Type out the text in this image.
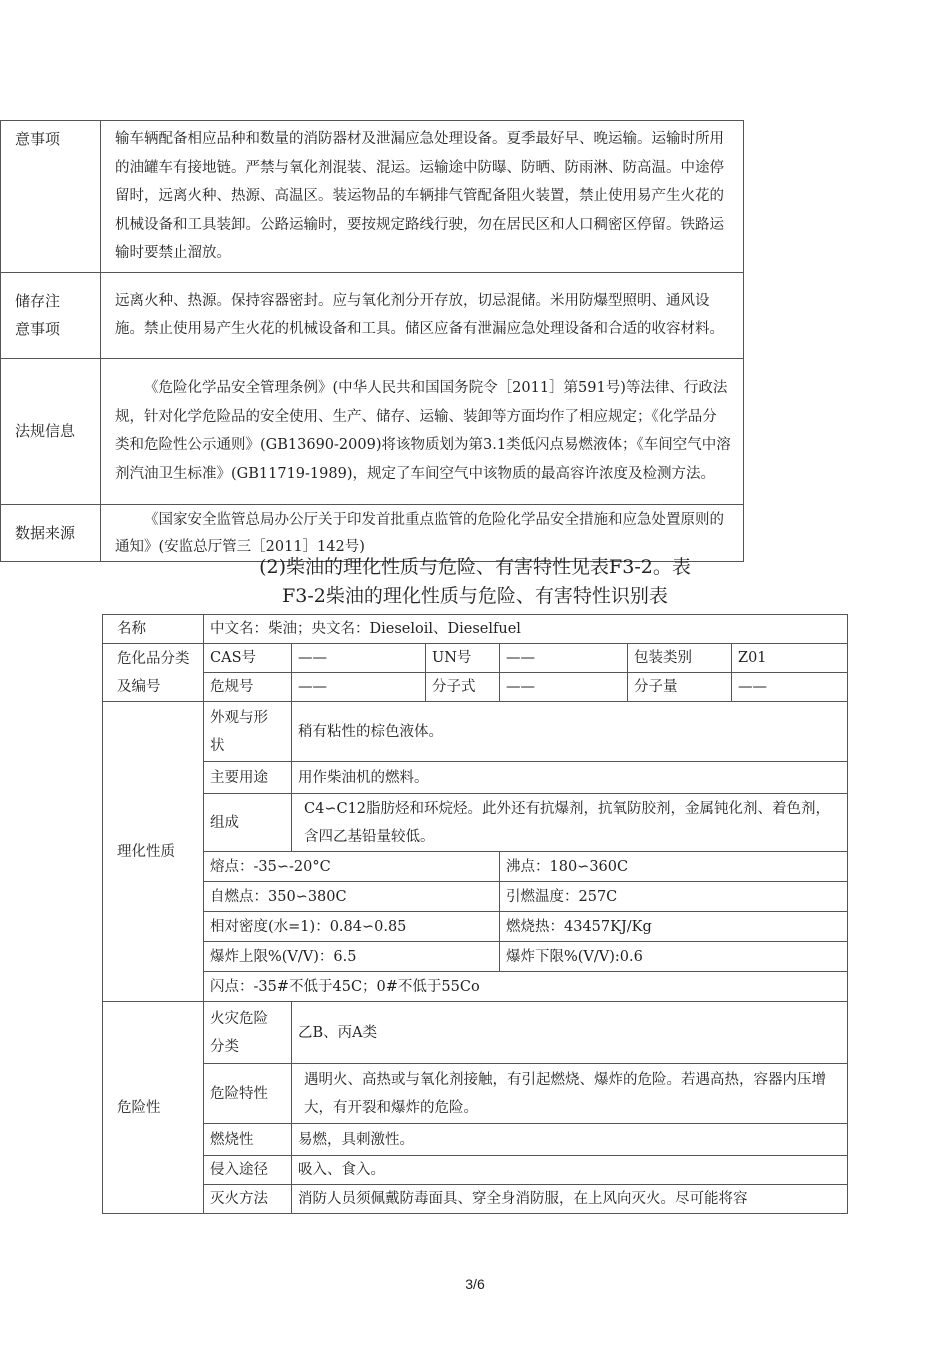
意事项	输车辆配备相应品种和数量的消防器材及泄漏应急处理设备。夏季最好早、晚运输。运输时所用的油罐车有接地链。严禁与氧化剂混装、混运。运输途中防曝、防晒、防雨淋、防高温。中途停留时，远离火种、热源、高温区。装运物品的车辆排气管配备阻火装置，禁止使用易产生火花的机械设备和工具装卸。公路运输时，要按规定路线行驶，勿在居民区和人口稠密区停留。铁路运输时要禁止溜放。
储存注意事项	远离火种、热源。保持容器密封。应与氧化剂分开存放，切忌混储。米用防爆型照明、通风设施。禁止使用易产生火花的机械设备和工具。储区应备有泄漏应急处理设备和合适的收容材料。
法规信息	《危险化学品安全管理条例》(中华人民共和国国务院令［2011］第591号)等法律、行政法规，针对化学危险品的安全使用、生产、储存、运输、装卸等方面均作了相应规定；《化学品分类和危险性公示通则》(GB13690-2009)将该物质划为第3.1类低闪点易燃液体；《车间空气中溶剂汽油卫生标准》(GB11719-1989)，规定了车间空气中该物质的最高容许浓度及检测方法。
数据来源	《国家安全监管总局办公厅关于印发首批重点监管的危险化学品安全措施和应急处置原则的通知》(安监总厅管三［2011］142号)
(2)柴油的理化性质与危险、有害特性见表F3-2。表
F3-2柴油的理化性质与危险、有害特性识别表
名称	中文名：柴油；央文名：Dieseloil、Dieselfuel					
危化品分类及编号	CAS号	——	UN号	——	包装类别	Z01
	危规号	——	分子式	——	分子量	——
理化性质	外观与形状	稍有粘性的棕色液体。				
	主要用途	用作柴油机的燃料。				
	组成	C4∽C12脂肪烃和环烷烃。此外还有抗爆剂，抗氧防胶剂，金属钝化剂、着色剂，含四乙基铅量较低。				
	熔点：-35∽-20°C			沸点：180∽360C		
	自燃点：350∽380C			引燃温度：257C		
	相对密度(水=1)：0.84∽0.85			燃烧热：43457KJ/Kg		
	爆炸上限%(V/V)：6.5			爆炸下限%(V/V):0.6		
	闪点：-35#不低于45C；0#不低于55Co					
危险性	火灾危险分类	乙B、丙A类				
	危险特性	遇明火、高热或与氧化剂接触，有引起燃烧、爆炸的危险。若遇高热，容器内压增大，有开裂和爆炸的危险。				
	燃烧性	易燃，具刺激性。				
	侵入途径	吸入、食入。				
	灭火方法	消防人员须佩戴防毒面具、穿全身消防服，在上风向灭火。尽可能将容				
3/6
